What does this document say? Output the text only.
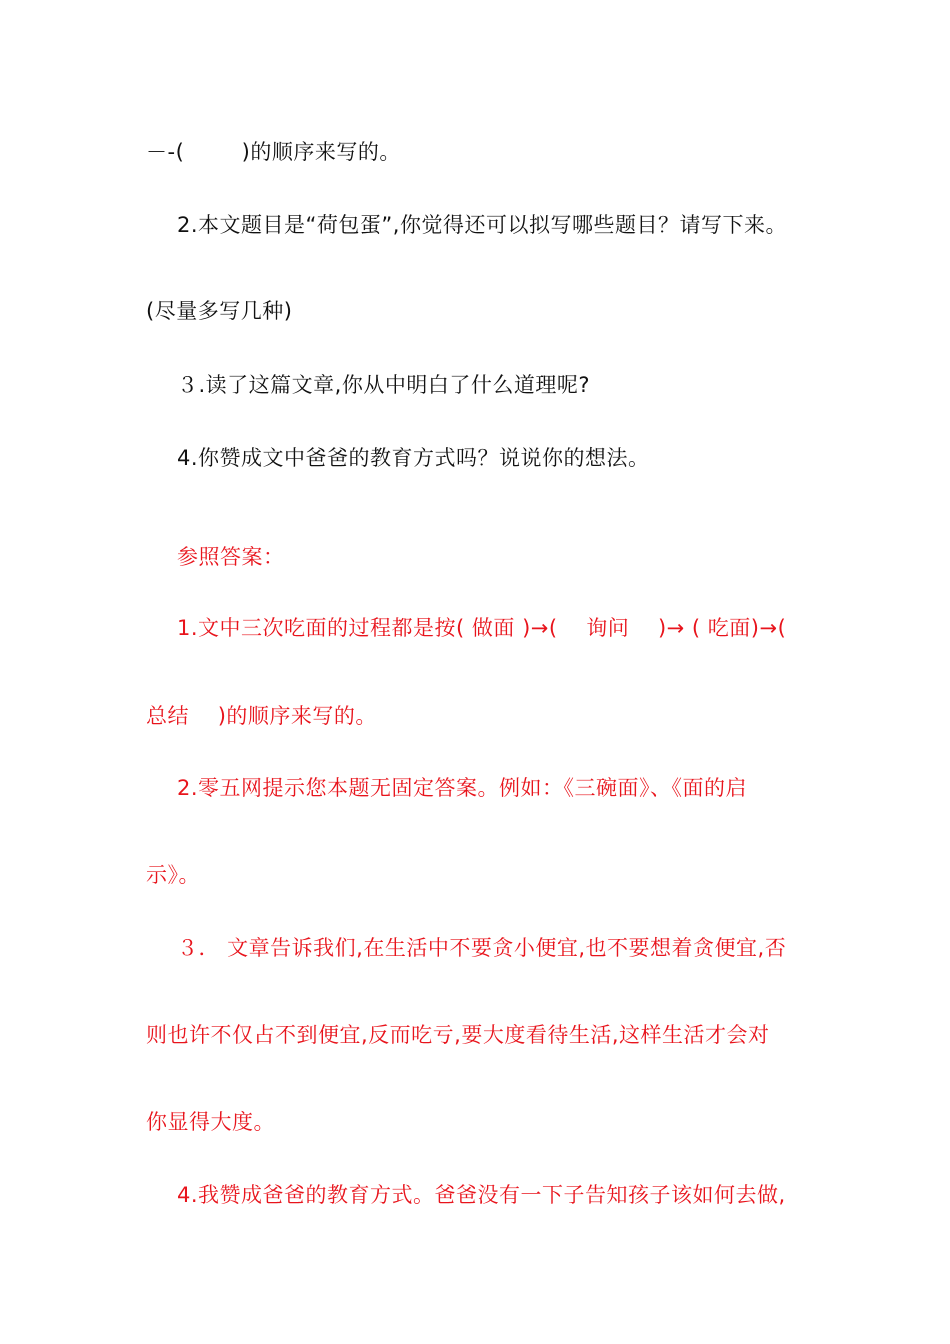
－-(        )的顺序来写的。
2.本文题目是“荷包蛋”,你觉得还可以拟写哪些题目？请写下来。
(尽量多写几种)
３.读了这篇文章,你从中明白了什么道理呢?
4.你赞成文中爸爸的教育方式吗？说说你的想法。
参照答案：
1.文中三次吃面的过程都是按( 做面 )→(    询问    )→ ( 吃面)→(
总结    )的顺序来写的。
2.零五网提示您本题无固定答案。例如：《三碗面》、《面的启
示》。
３． 文章告诉我们,在生活中不要贪小便宜,也不要想着贪便宜,否
则也许不仅占不到便宜,反而吃亏,要大度看待生活,这样生活才会对
你显得大度。
4.我赞成爸爸的教育方式。爸爸没有一下子告知孩子该如何去做,
